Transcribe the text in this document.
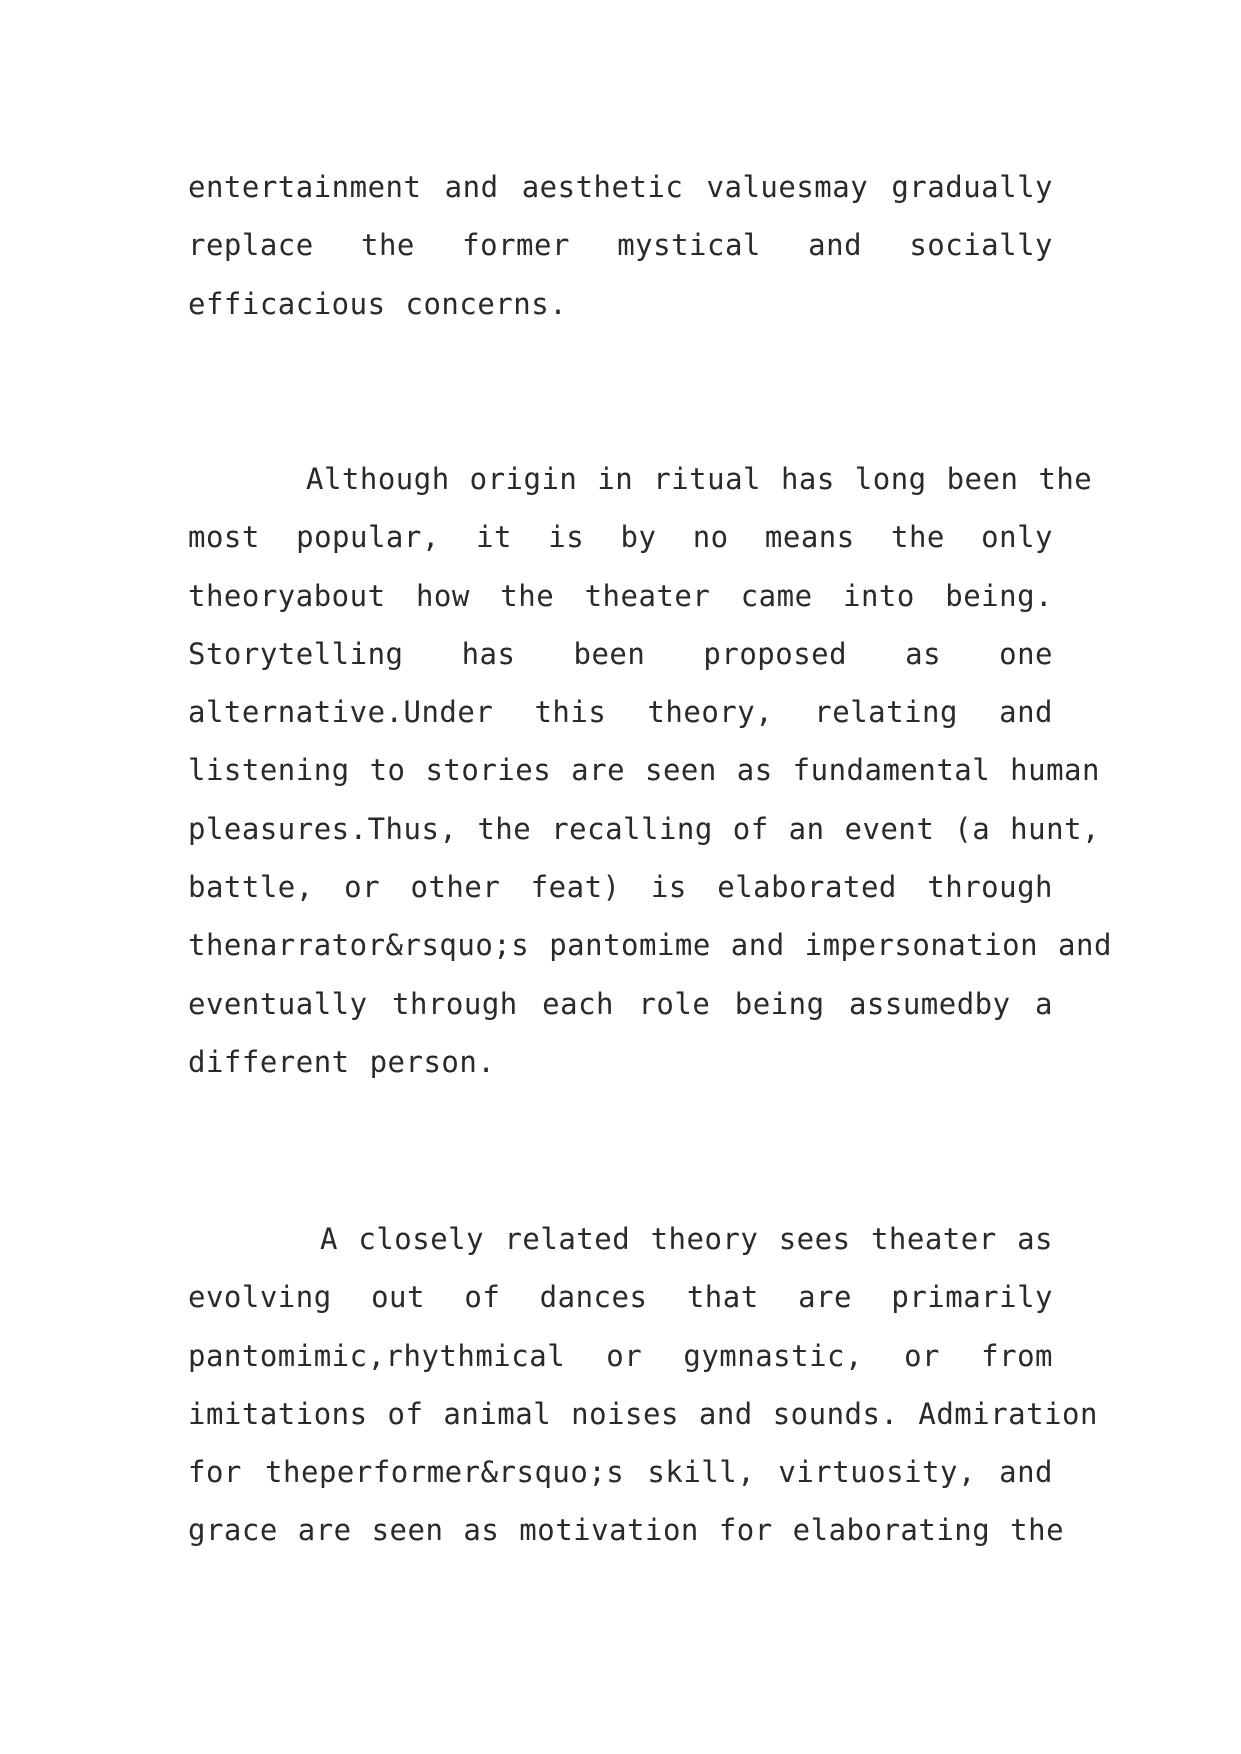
entertainment and aesthetic valuesmay gradually
replace the former mystical and socially
efficacious concerns.
Although origin in ritual has long been the
most popular, it is by no means the only
theoryabout how the theater came into being.
Storytelling has been proposed as one
alternative.Under this theory, relating and
listening to stories are seen as fundamental human
pleasures.Thus, the recalling of an event (a hunt,
battle, or other feat) is elaborated through
thenarrator&rsquo;s pantomime and impersonation and
eventually through each role being assumedby a
different person.
A closely related theory sees theater as
evolving out of dances that are primarily
pantomimic,rhythmical or gymnastic, or from
imitations of animal noises and sounds. Admiration
for theperformer&rsquo;s skill, virtuosity, and
grace are seen as motivation for elaborating the
